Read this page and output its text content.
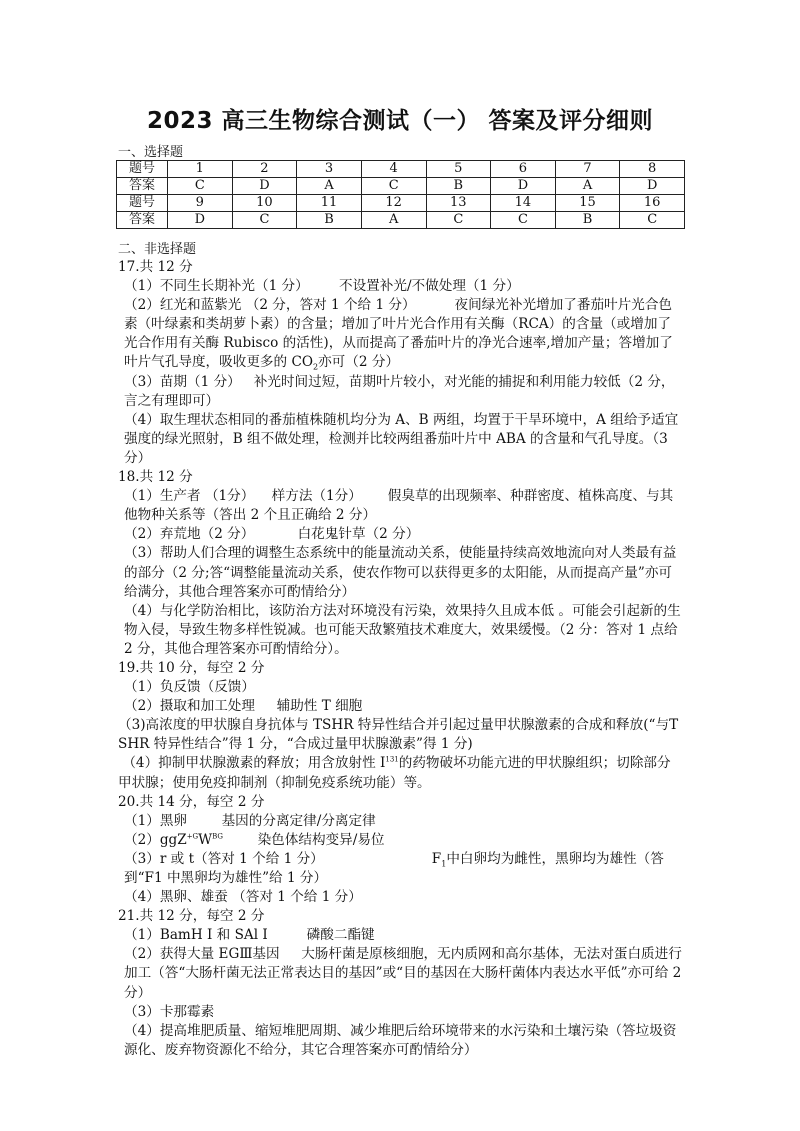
2023 高三生物综合测试（一） 答案及评分细则
一、选择题
题号	1	2	3	4	5	6	7	8
答案	C	D	A	C	B	D	A	D
题号	9	10	11	12	13	14	15	16
答案	D	C	B	A	C	C	B	C
二、非选择题

17.共 12 分

（1）不同生长期补光（1 分）       不设置补光/不做处理（1 分）

（2）红光和蓝紫光 （2 分，答对 1 个给 1 分）         夜间绿光补光增加了番茄叶片光合色素（叶绿素和类胡萝卜素）的含量；增加了叶片光合作用有关酶（RCA）的含量（或增加了光合作用有关酶 Rubisco 的活性)，从而提高了番茄叶片的净光合速率,增加产量；答增加了叶片气孔导度，吸收更多的 $CO_2$亦可（2 分）

（3）苗期（1 分）   补光时间过短，苗期叶片较小，对光能的捕捉和利用能力较低（2 分，言之有理即可）

（4）取生理状态相同的番茄植株随机均分为 A、B 两组，均置于干旱环境中，A 组给予适宜强度的绿光照射，B 组不做处理，检测并比较两组番茄叶片中 ABA 的含量和气孔导度。（3 分）

18.共 12 分

（1）生产者 （1分）    样方法（1分）      假臭草的出现频率、种群密度、植株高度、与其他物种关系等（答出 2 个且正确给 2 分）

（2）弃荒地（2 分）          白花鬼针草（2 分）

（3）帮助人们合理的调整生态系统中的能量流动关系，使能量持续高效地流向对人类最有益的部分（2 分;答“调整能量流动关系，使农作物可以获得更多的太阳能，从而提高产量”亦可给满分，其他合理答案亦可酌情给分）

（4）与化学防治相比，该防治方法对环境没有污染，效果持久且成本低 。可能会引起新的生物入侵，导致生物多样性锐减。也可能天敌繁殖技术难度大，效果缓慢。（2 分：答对 1 点给 2 分，其他合理答案亦可酌情给分）。

19.共 10 分，每空 2 分

（1）负反馈（反馈）

（2）摄取和加工处理     辅助性 T 细胞

（3)高浓度的甲状腺自身抗体与 TSHR 特异性结合并引起过量甲状腺激素的合成和释放(“与TSHR 特异性结合”得 1 分，“合成过量甲状腺激素”得 1 分)

（4）抑制甲状腺激素的释放；用含放射性 $I^{131}$的药物破坏功能亢进的甲状腺组织；切除部分甲状腺；使用免疫抑制剂（抑制免疫系统功能）等。

20.共 14 分，每空 2 分

（1）黑卵        基因的分离定律/分离定律

$(2)ggZ^{+G}W^{BG}$        染色体结构变异/易位

（3）r 或 t（答对 1 个给 1 分）                         $F_1$中白卵均为雌性，黑卵均为雄性（答到“F1 中黑卵均为雄性”给 1 分）

（4）黑卵、雄蚕 （答对 1 个给 1 分）

21.共 12 分，每空 2 分

（1）BamH Ⅰ 和 SAl Ⅰ         磷酸二酯键

（2）获得大量 EGⅢ基因     大肠杆菌是原核细胞，无内质网和高尔基体，无法对蛋白质进行加工（答“大肠杆菌无法正常表达目的基因”或“目的基因在大肠杆菌体内表达水平低”亦可给 2 分）

（3）卡那霉素

（4）提高堆肥质量、缩短堆肥周期、减少堆肥后给环境带来的水污染和土壤污染（答垃圾资源化、废弃物资源化不给分，其它合理答案亦可酌情给分）
